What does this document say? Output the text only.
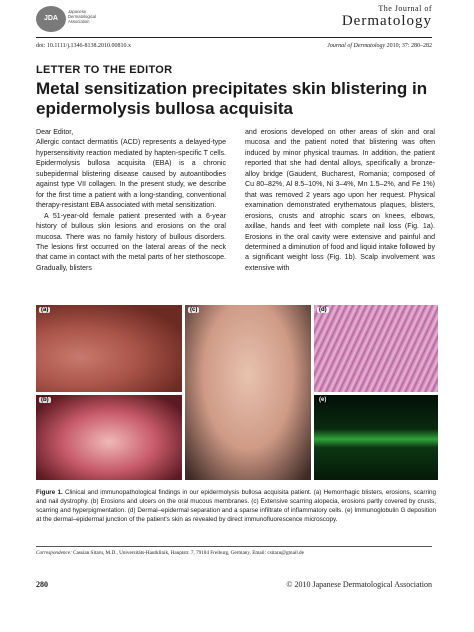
JDA
Japanese
Dermatological
Association
The Journal of
Dermatology
doi: 10.1111/j.1346-8138.2010.00810.x	Journal of Dermatology 2010; 37: 280–282
LETTER TO THE EDITOR
Metal sensitization precipitates skin blistering in epidermolysis bullosa acquisita

Dear Editor,

Allergic contact dermatitis (ACD) represents a delayed-type hypersensitivity reaction mediated by hapten-specific T cells. Epidermolysis bullosa acquisita (EBA) is a chronic subepidermal blistering disease caused by autoantibodies against type VII collagen. In the present study, we describe for the first time a patient with a long-standing, conventional therapy-resistant EBA associated with metal sensitization.

A 51-year-old female patient presented with a 6-year history of bullous skin lesions and erosions on the oral mucosa. There was no family history of bullous disorders. The lesions first occurred on the lateral areas of the neck that came in contact with the metal parts of her stethoscope. Gradually, blisters

and erosions developed on other areas of skin and oral mucosa and the patient noted that blistering was often induced by minor physical traumas. In addition, the patient reported that she had dental alloys, specifically a bronze-alloy bridge (Gaudent, Bucharest, Romania; composed of Cu 80–82%, Al 8.5–10%, Ni 3–4%, Mn 1.5–2%, and Fe 1%) that was removed 2 years ago upon her request. Physical examination demonstrated erythematous plaques, blisters, erosions, crusts and atrophic scars on knees, elbows, axillae, hands and feet with complete nail loss (Fig. 1a). Erosions in the oral cavity were extensive and painful and determined a diminution of food and liquid intake followed by a significant weight loss (Fig. 1b). Scalp involvement was extensive with

(a)
(b)
(c)	(d)
(e)
Figure 1. Clinical and immunopathological findings in our epidermolysis bullosa acquisita patient. (a) Hemorrhagic blisters, erosions, scarring and nail dystrophy. (b) Erosions and ulcers on the oral mucous membranes. (c) Extensive scarring alopecia, erosions partly covered by crusts, scarring and hyperpigmentation. (d) Dermal–epidermal separation and a sparse infiltrate of inflammatory cells. (e) Immunoglobulin G deposition at the dermal–epidermal junction of the patient's skin as revealed by direct immunofluorescence microscopy.
Correspondence: Cassian Sitaru, M.D., Universitäts-Hautklinik, Hauptstr. 7, 79104 Freiburg, Germany. Email: csitaru@gmail.de
280	© 2010 Japanese Dermatological Association
